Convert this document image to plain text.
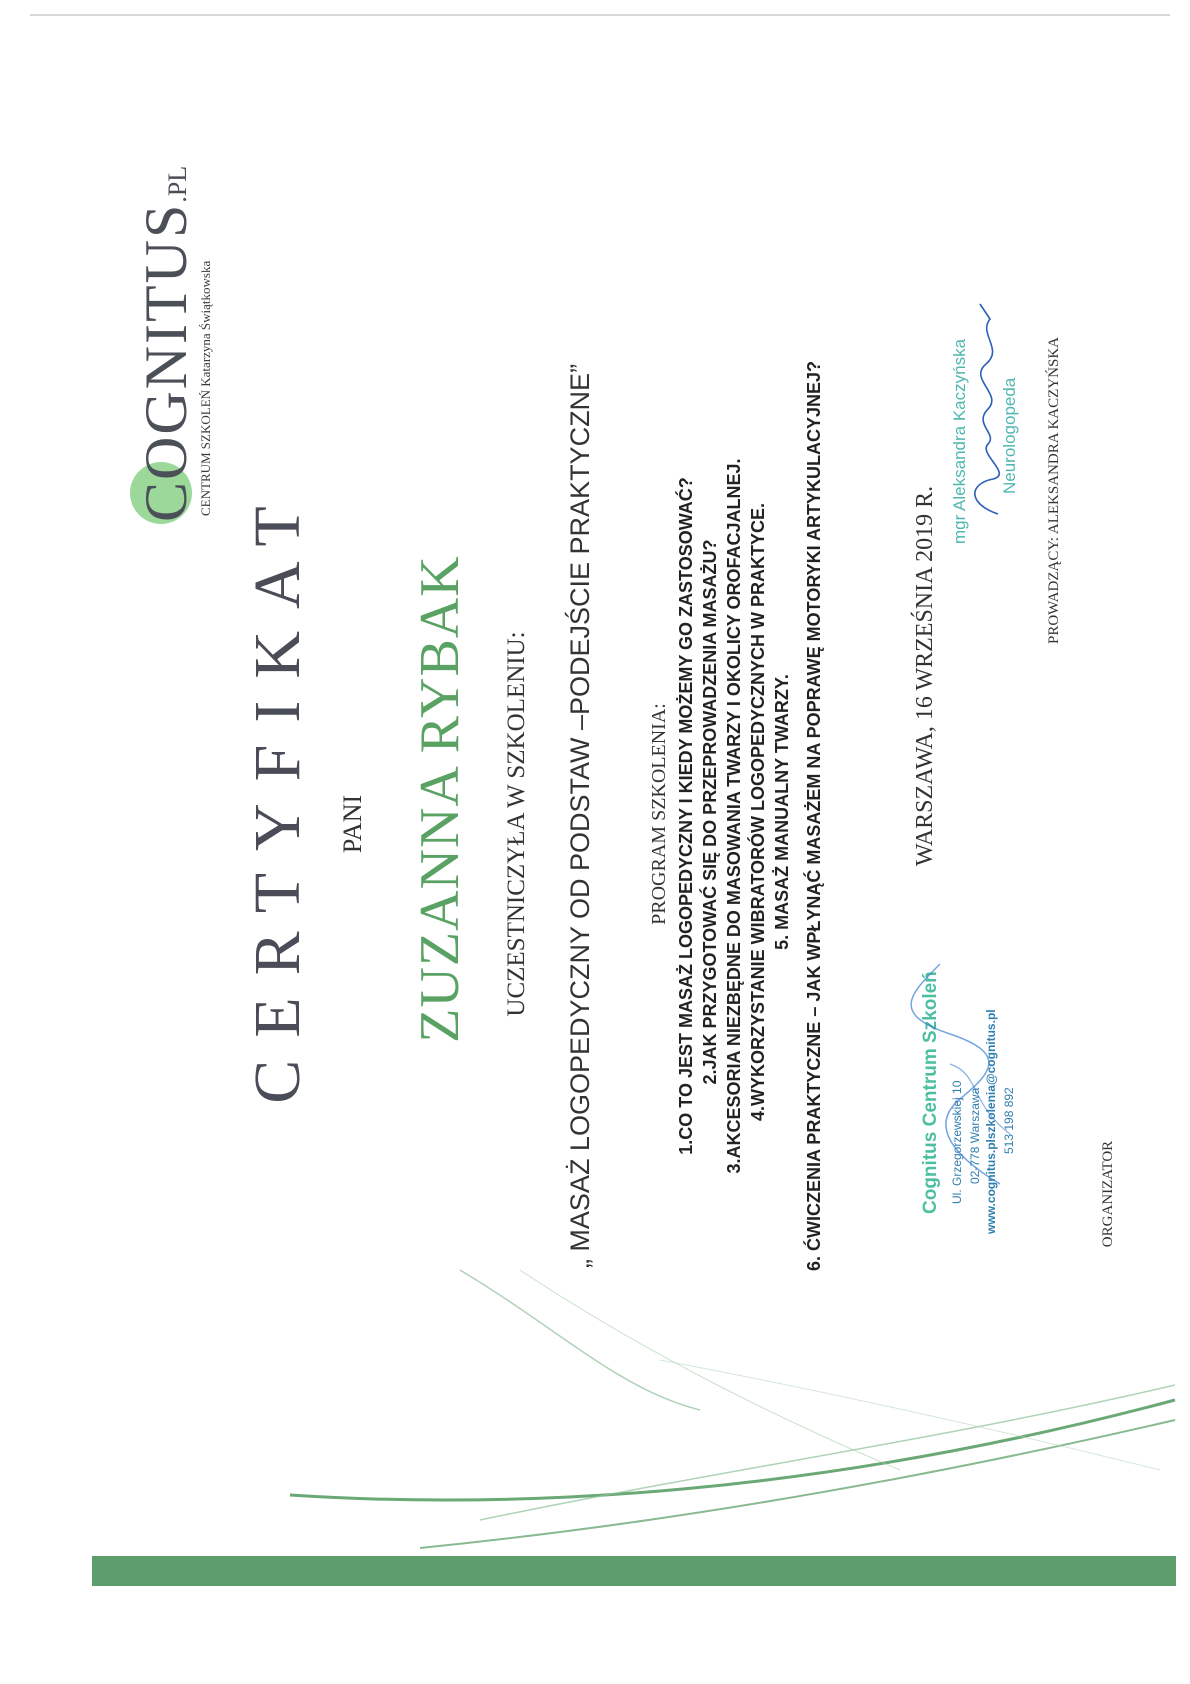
COGNITUS.PL
CENTRUM SZKOLEŃ Katarzyna Świątkowska
CERTYFIKAT PANI ZUZANNA RYBAK UCZESTNICZYŁA W SZKOLENIU: „ MASAŻ LOGOPEDYCZNY OD PODSTAW –PODEJŚCIE PRAKTYCZNE”	PROGRAM SZKOLENIA: 1.CO TO JEST MASAŻ LOGOPEDYCZNY I KIEDY MOŻEMY GO ZASTOSOWAĆ? 2.JAK PRZYGOTOWAĆ SIĘ DO PRZEPROWADZENIA MASAŻU? 3.AKCESORIA NIEZBĘDNE DO MASOWANIA TWARZY I OKOLICY OROFACJALNEJ. 4.WYKORZYSTANIE WIBRATORÓW LOGOPEDYCZNYCH W PRAKTYCE. 5. MASAŻ MANUALNY TWARZY. 6. ĆWICZENIA PRAKTYCZNE – JAK WPŁYNĄĆ MASAŻEM NA POPRAWĘ MOTORYKI ARTYKULACYJNEJ?	WARSZAWA, 16 WRZEŚNIA 2019 R.
Cognitus Centrum Szkoleń Ul. Grzegorzewskiej 10 02-778 Warszawa www.cognitus.plszkolenia@cognitus.pl 513 198 892
ORGANIZATOR
mgr Aleksandra Kaczyńska Neurologopeda PROWADZĄCY: ALEKSANDRA KACZYŃSKA
